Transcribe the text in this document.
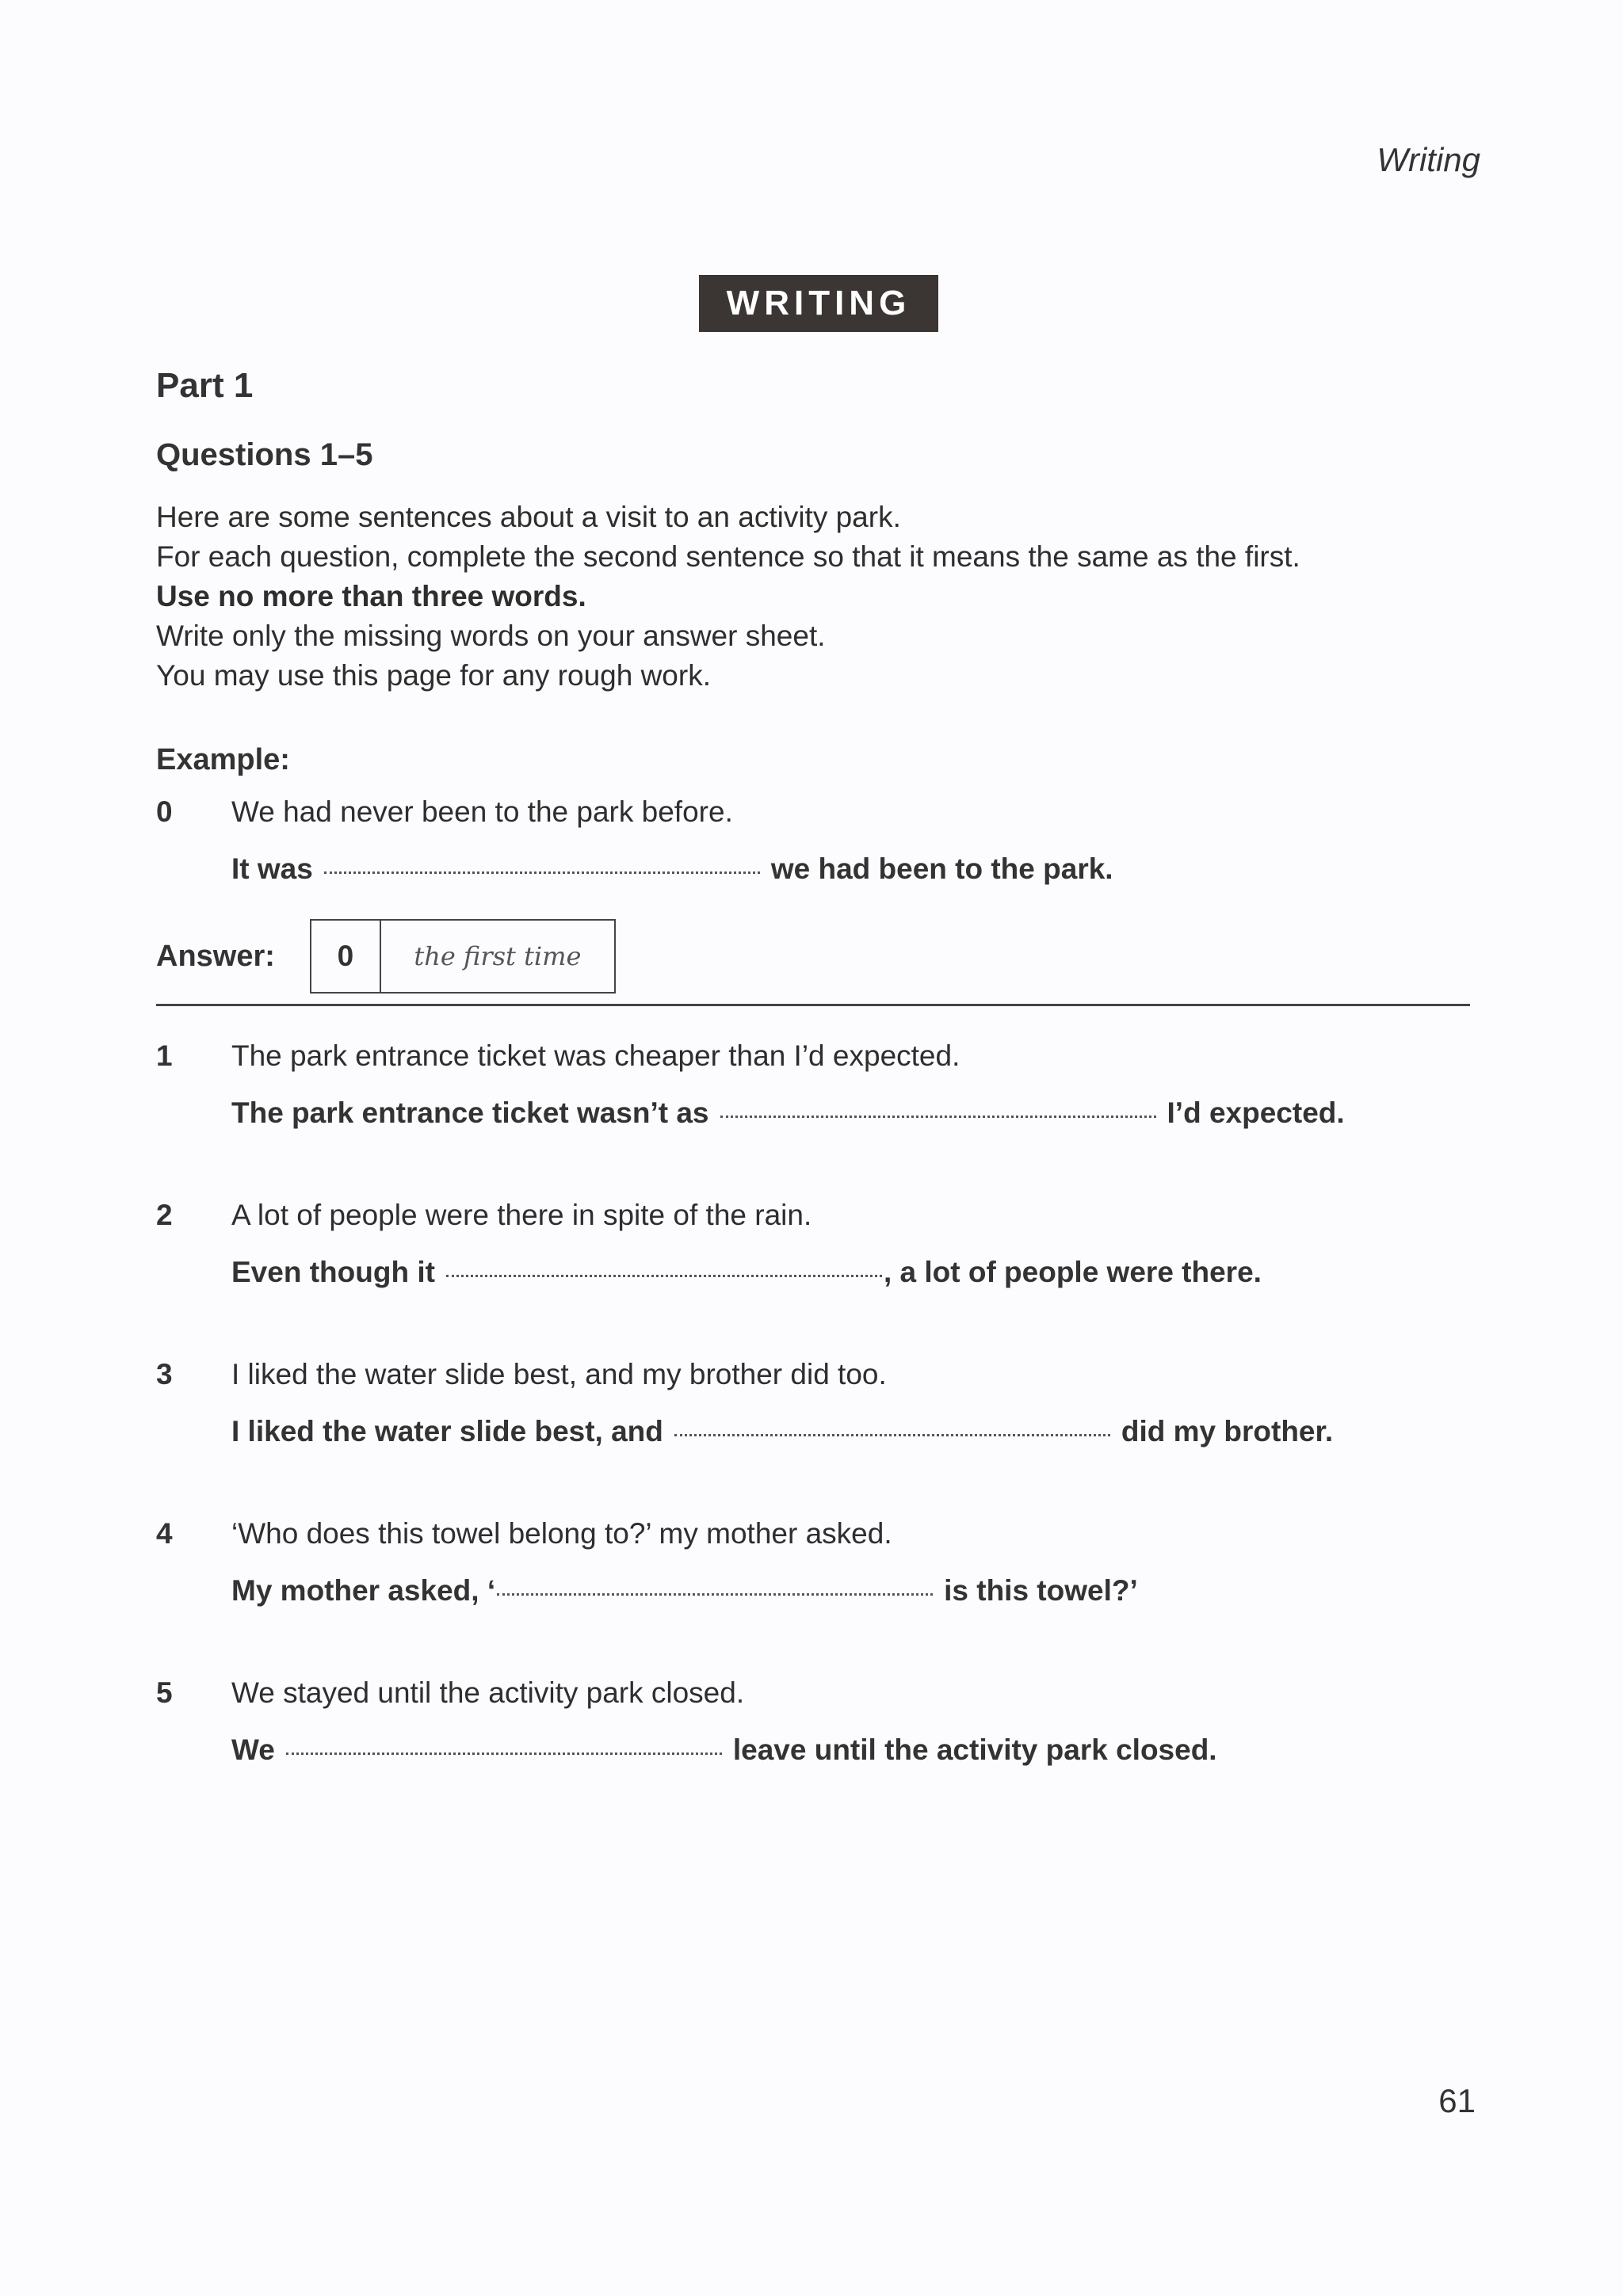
Writing
WRITING
Part 1
Questions 1–5
Here are some sentences about a visit to an activity park.
For each question, complete the second sentence so that it means the same as the first.
Use no more than three words.
Write only the missing words on your answer sheet.
You may use this page for any rough work.
Example:
0 We had never been to the park before.
It was	we had been to the park.
Answer:	0	the first time
1 The park entrance ticket was cheaper than I’d expected.
The park entrance ticket wasn’t as	I’d expected.
2 A lot of people were there in spite of the rain.
Even though it	, a lot of people were there.
3 I liked the water slide best, and my brother did too.
I liked the water slide best, and	did my brother.
4 ‘Who does this towel belong to?’ my mother asked.
My mother asked, ‘	is this towel?’
5 We stayed until the activity park closed.
We	leave until the activity park closed.
61
